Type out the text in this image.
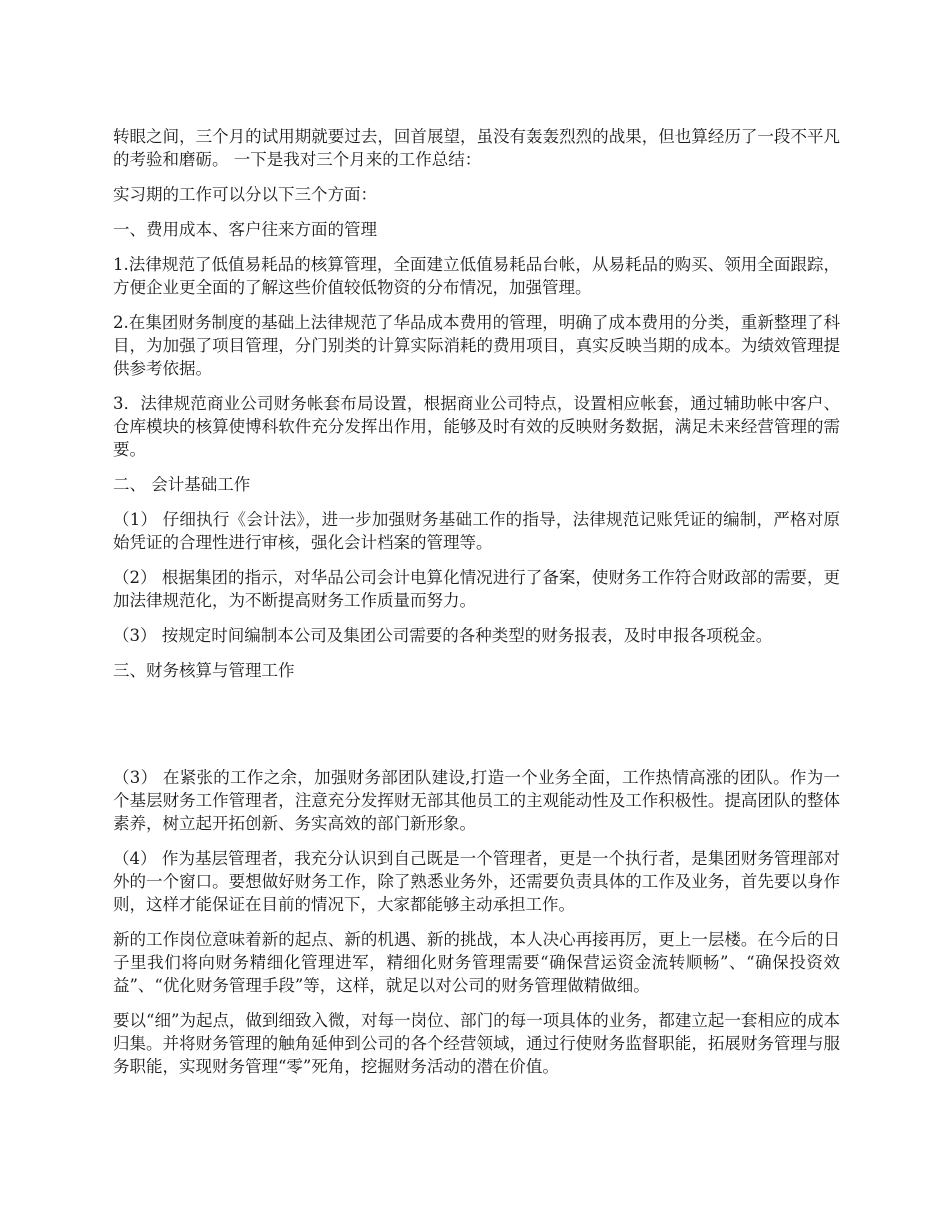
转眼之间，三个月的试用期就要过去，回首展望，虽没有轰轰烈烈的战果，但也算经历了一段不平凡的考验和磨砺。 一下是我对三个月来的工作总结：

实习期的工作可以分以下三个方面：

一、费用成本、客户往来方面的管理

1.法律规范了低值易耗品的核算管理，全面建立低值易耗品台帐，从易耗品的购买、领用全面跟踪，方便企业更全面的了解这些价值较低物资的分布情况，加强管理。

2.在集团财务制度的基础上法律规范了华品成本费用的管理，明确了成本费用的分类，重新整理了科目，为加强了项目管理，分门别类的计算实际消耗的费用项目，真实反映当期的成本。为绩效管理提供参考依据。

3．法律规范商业公司财务帐套布局设置，根据商业公司特点，设置相应帐套，通过辅助帐中客户、仓库模块的核算使博科软件充分发挥出作用，能够及时有效的反映财务数据，满足未来经营管理的需要。

二、 会计基础工作

（1） 仔细执行《会计法》，进一步加强财务基础工作的指导，法律规范记账凭证的编制，严格对原始凭证的合理性进行审核，强化会计档案的管理等。

（2） 根据集团的指示，对华品公司会计电算化情况进行了备案，使财务工作符合财政部的需要，更加法律规范化，为不断提高财务工作质量而努力。

（3） 按规定时间编制本公司及集团公司需要的各种类型的财务报表，及时申报各项税金。

三、财务核算与管理工作

（3） 在紧张的工作之余，加强财务部团队建设,打造一个业务全面，工作热情高涨的团队。作为一个基层财务工作管理者，注意充分发挥财无部其他员工的主观能动性及工作积极性。提高团队的整体素养，树立起开拓创新、务实高效的部门新形象。

（4） 作为基层管理者，我充分认识到自己既是一个管理者，更是一个执行者，是集团财务管理部对外的一个窗口。要想做好财务工作，除了熟悉业务外，还需要负责具体的工作及业务，首先要以身作则，这样才能保证在目前的情况下，大家都能够主动承担工作。

新的工作岗位意味着新的起点、新的机遇、新的挑战，本人决心再接再厉，更上一层楼。在今后的日子里我们将向财务精细化管理进军，精细化财务管理需要“确保营运资金流转顺畅”、“确保投资效益”、“优化财务管理手段”等，这样，就足以对公司的财务管理做精做细。

要以“细”为起点，做到细致入微，对每一岗位、部门的每一项具体的业务，都建立起一套相应的成本归集。并将财务管理的触角延伸到公司的各个经营领域，通过行使财务监督职能，拓展财务管理与服务职能，实现财务管理“零”死角，挖掘财务活动的潜在价值。
